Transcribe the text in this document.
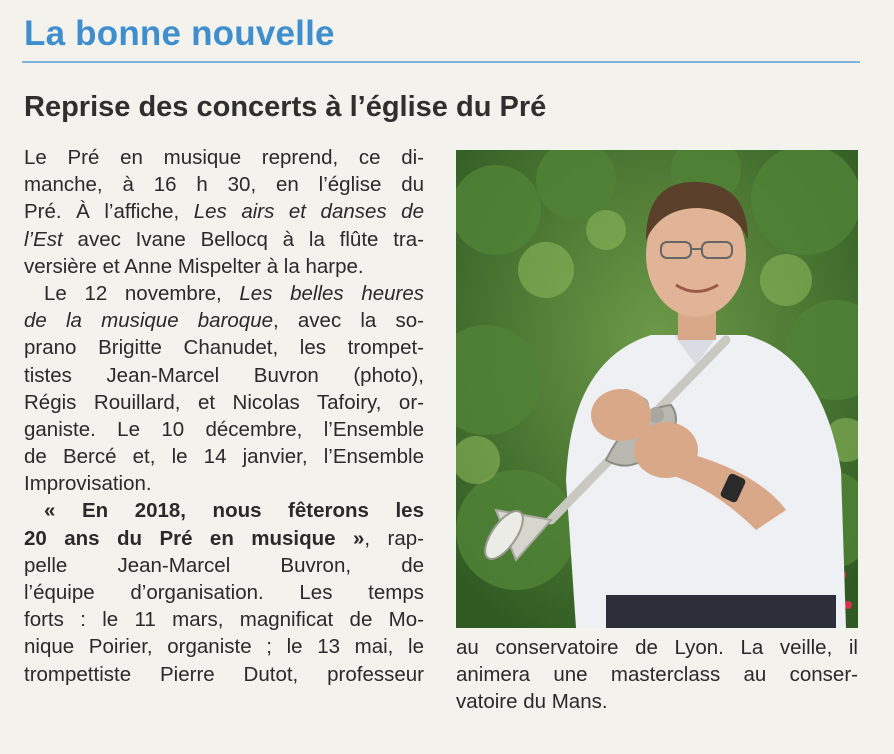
La bonne nouvelle
Reprise des concerts à l’église du Pré
Le Pré en musique reprend, ce di-
manche, à 16 h 30, en l’église du
Pré. À l’affiche, Les airs et danses de
l’Est avec Ivane Bellocq à la flûte tra-
versière et Anne Mispelter à la harpe.
Le 12 novembre, Les belles heures
de la musique baroque, avec la so-
prano Brigitte Chanudet, les trompet-
tistes Jean-Marcel Buvron (photo),
Régis Rouillard, et Nicolas Tafoiry, or-
ganiste. Le 10 décembre, l’Ensemble
de Bercé et, le 14 janvier, l’Ensemble
Improvisation.
« En 2018, nous fêterons les
20 ans du Pré en musique », rap-
pelle Jean-Marcel Buvron, de
l’équipe d’organisation. Les temps
forts : le 11 mars, magnificat de Mo-
nique Poirier, organiste ; le 13 mai, le
trompettiste Pierre Dutot, professeur
au conservatoire de Lyon. La veille, il
animera une masterclass au conser-
vatoire du Mans.
